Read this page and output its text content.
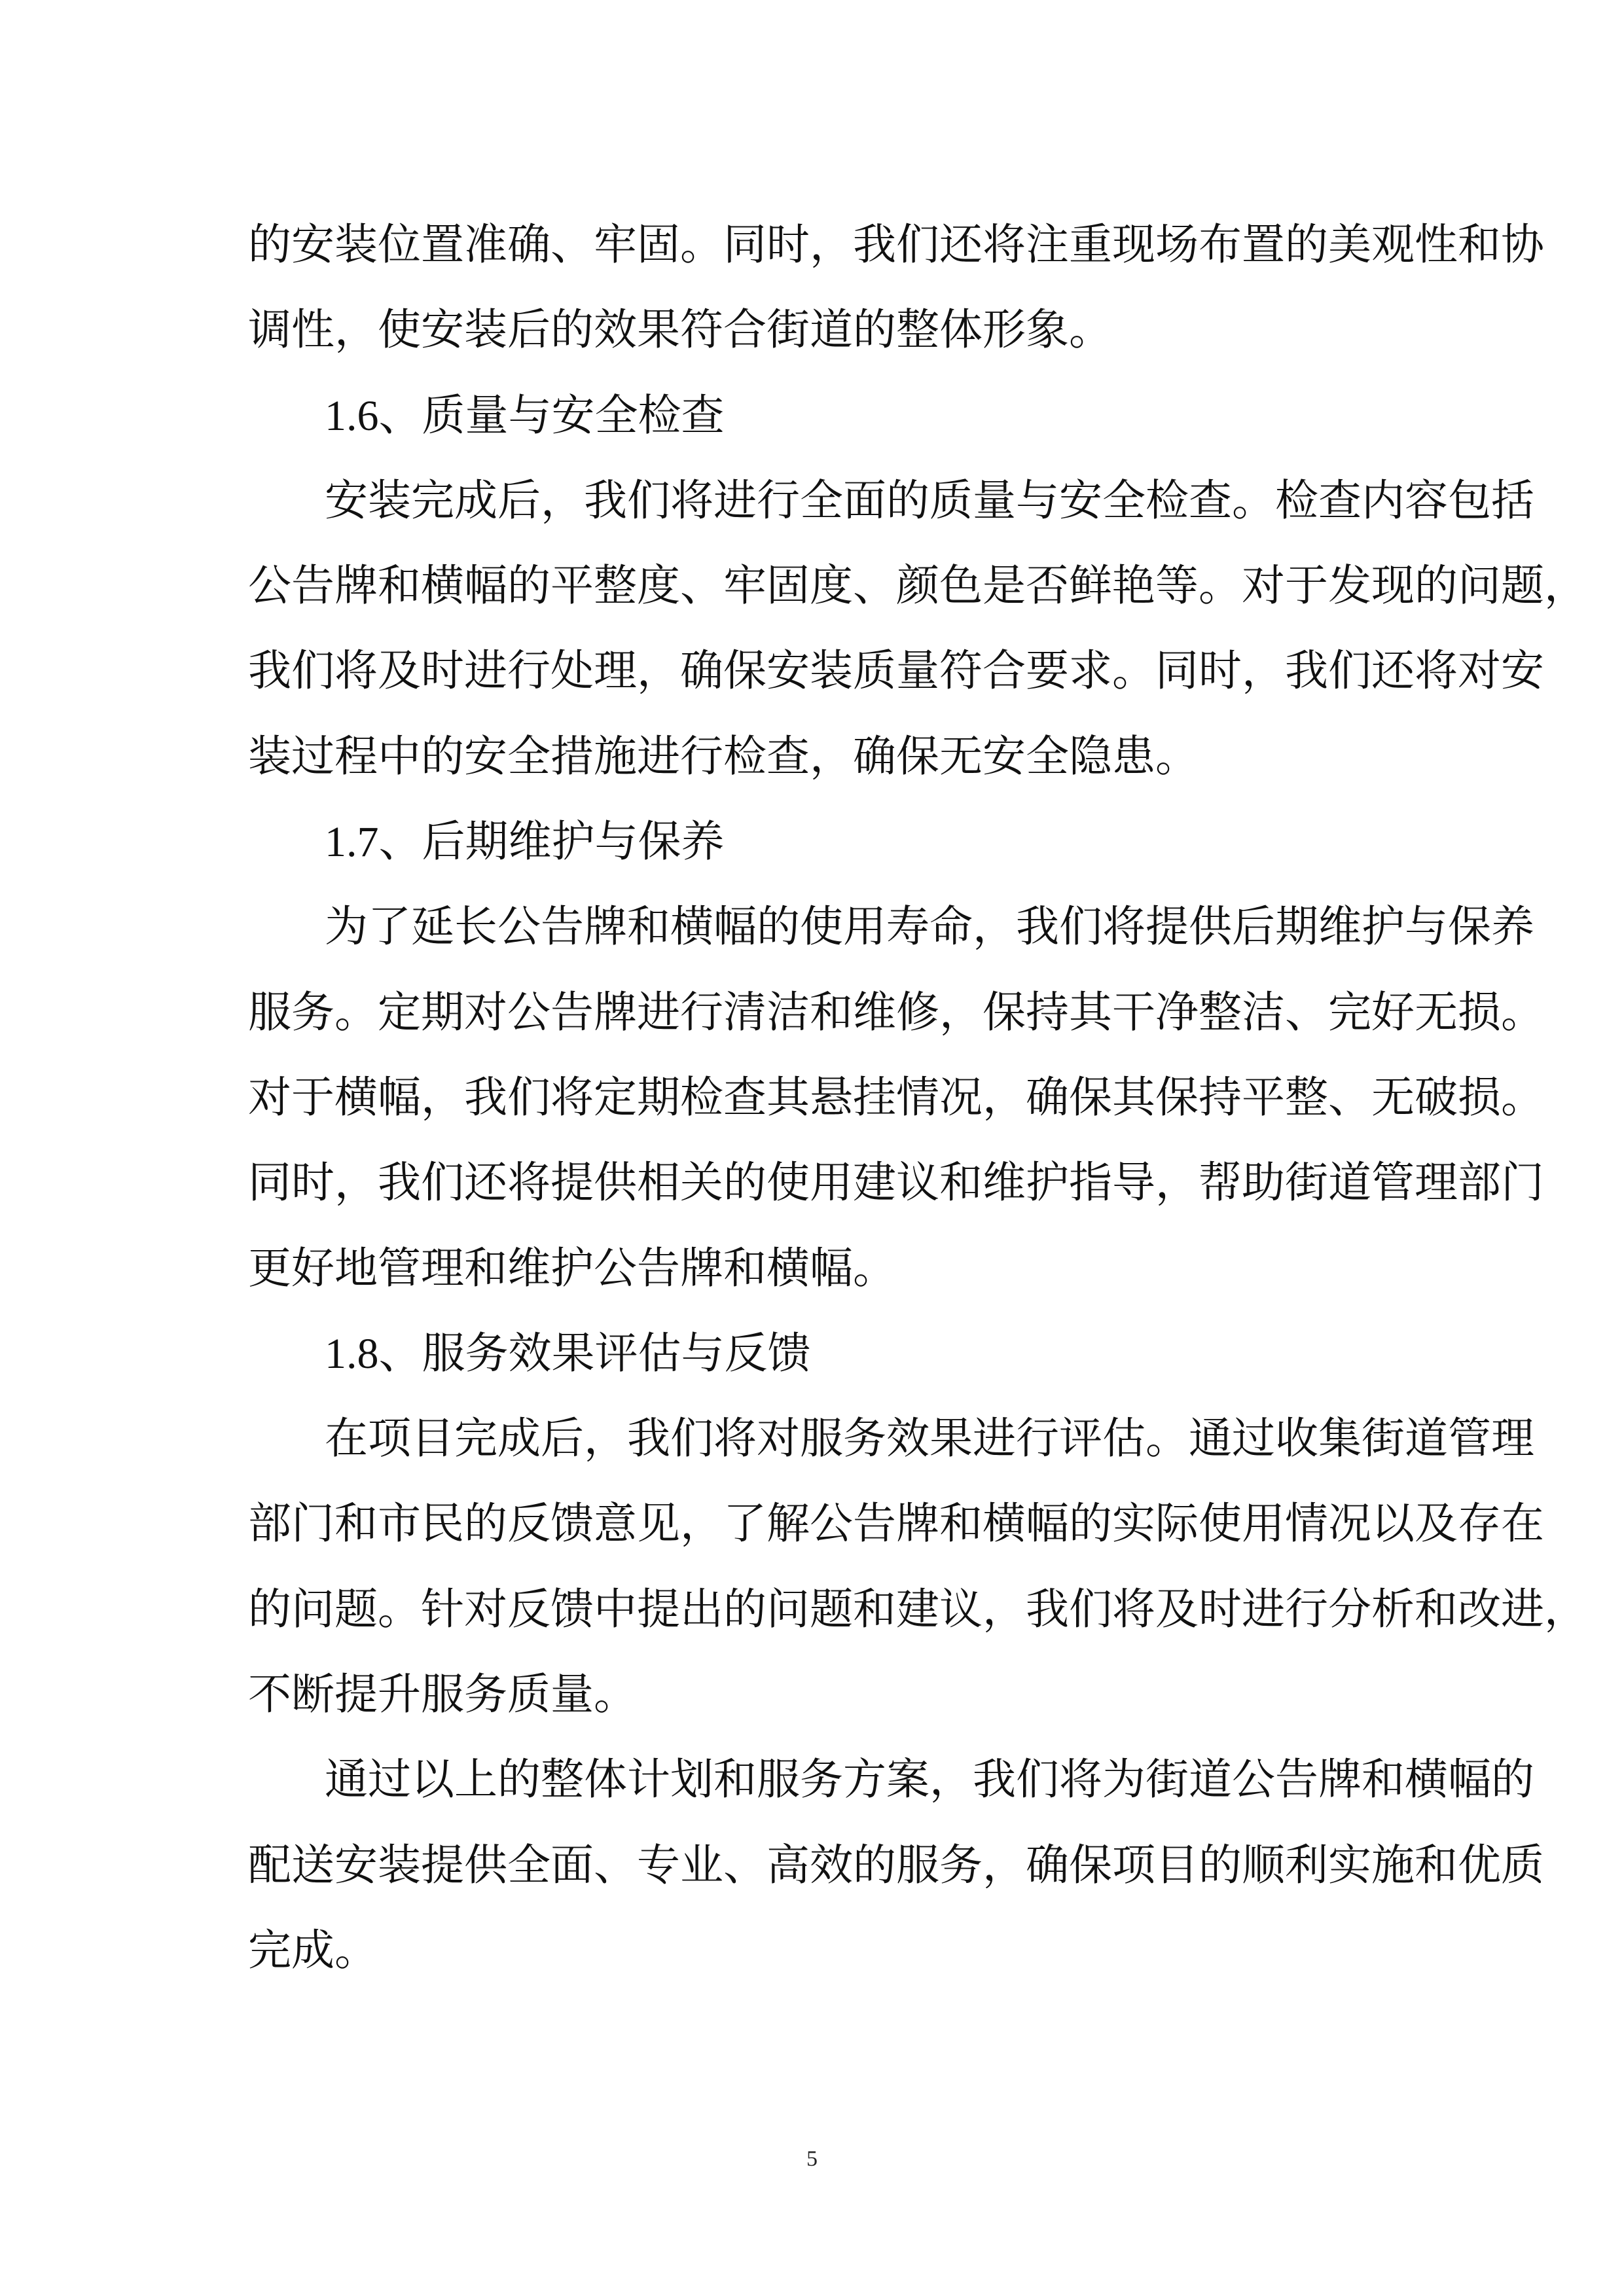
的安装位置准确、牢固。同时，我们还将注重现场布置的美观性和协
调性，使安装后的效果符合街道的整体形象。
1.6、质量与安全检查
安装完成后，我们将进行全面的质量与安全检查。检查内容包括
公告牌和横幅的平整度、牢固度、颜色是否鲜艳等。对于发现的问题，
我们将及时进行处理，确保安装质量符合要求。同时，我们还将对安
装过程中的安全措施进行检查，确保无安全隐患。
1.7、后期维护与保养
为了延长公告牌和横幅的使用寿命，我们将提供后期维护与保养
服务。定期对公告牌进行清洁和维修，保持其干净整洁、完好无损。
对于横幅，我们将定期检查其悬挂情况，确保其保持平整、无破损。
同时，我们还将提供相关的使用建议和维护指导，帮助街道管理部门
更好地管理和维护公告牌和横幅。
1.8、服务效果评估与反馈
在项目完成后，我们将对服务效果进行评估。通过收集街道管理
部门和市民的反馈意见，了解公告牌和横幅的实际使用情况以及存在
的问题。针对反馈中提出的问题和建议，我们将及时进行分析和改进，
不断提升服务质量。
通过以上的整体计划和服务方案，我们将为街道公告牌和横幅的
配送安装提供全面、专业、高效的服务，确保项目的顺利实施和优质
完成。
5
